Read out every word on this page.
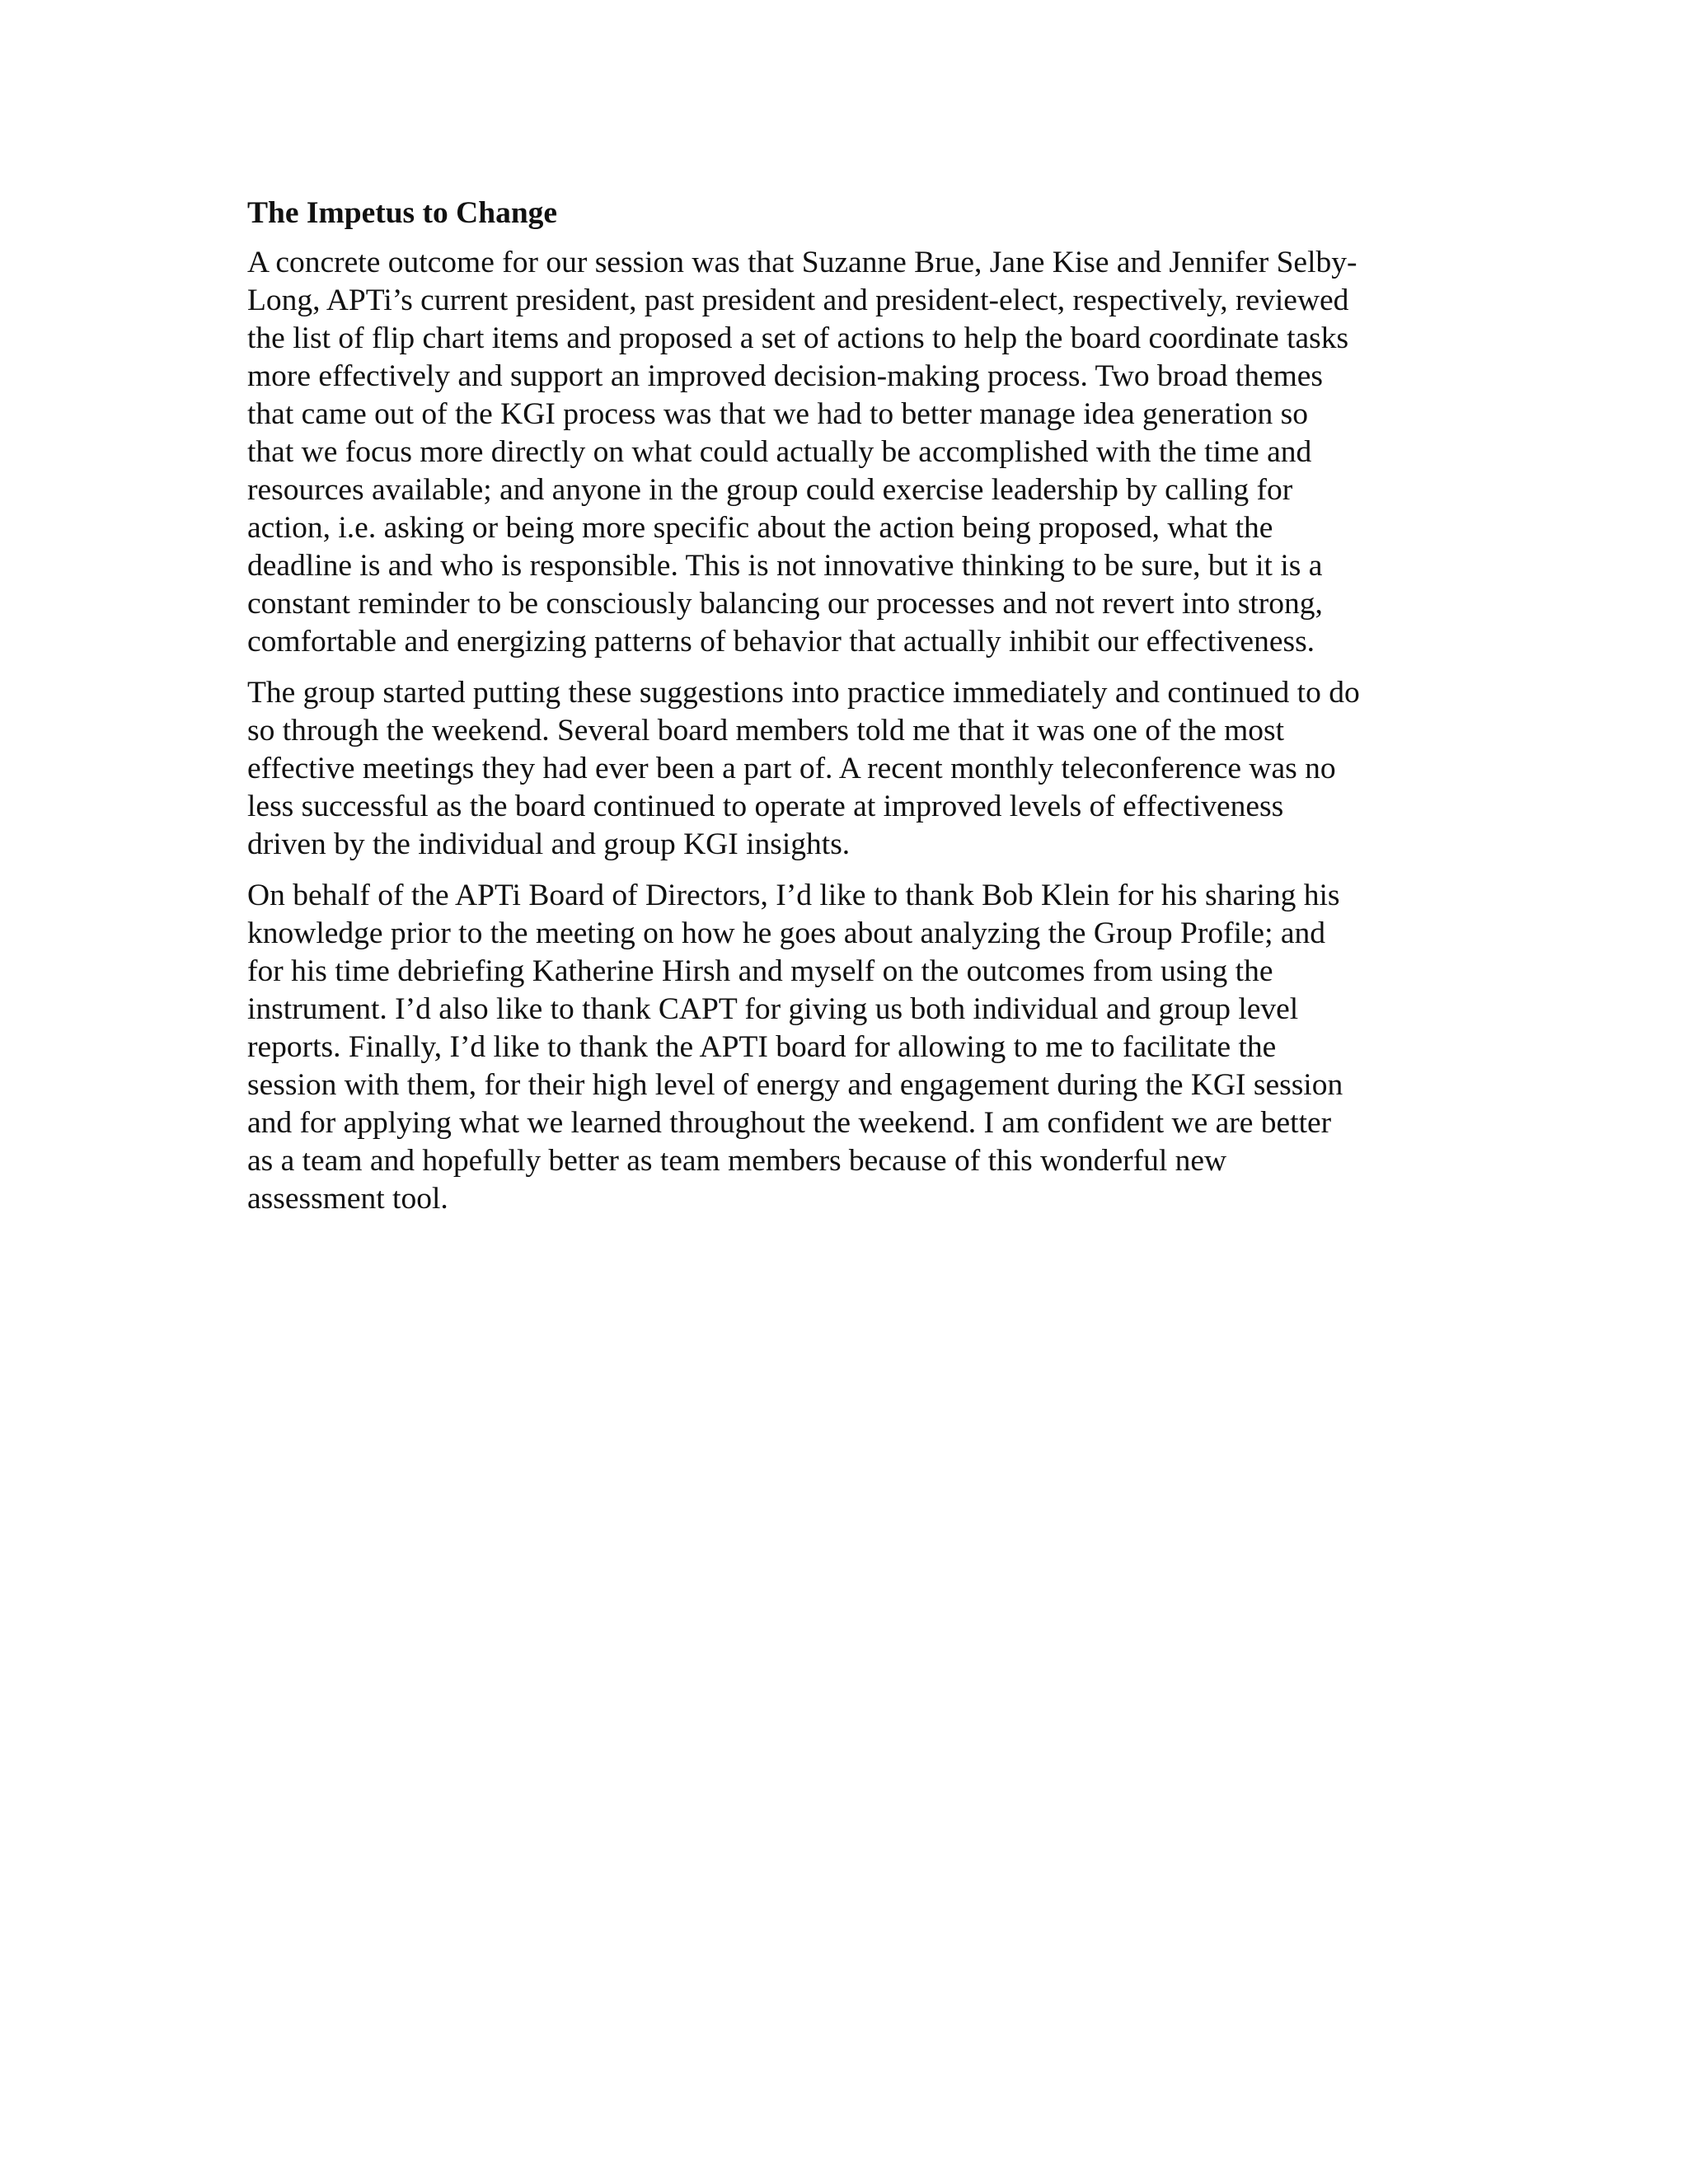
The Impetus to Change
A concrete outcome for our session was that Suzanne Brue, Jane Kise and Jennifer Selby-
Long, APTi’s current president, past president and president-elect, respectively, reviewed
the list of flip chart items and proposed a set of actions to help the board coordinate tasks
more effectively and support an improved decision-making process. Two broad themes
that came out of the KGI process was that we had to better manage idea generation so
that we focus more directly on what could actually be accomplished with the time and
resources available; and anyone in the group could exercise leadership by calling for
action, i.e. asking or being more specific about the action being proposed, what the
deadline is and who is responsible. This is not innovative thinking to be sure, but it is a
constant reminder to be consciously balancing our processes and not revert into strong,
comfortable and energizing patterns of behavior that actually inhibit our effectiveness.
The group started putting these suggestions into practice immediately and continued to do
so through the weekend. Several board members told me that it was one of the most
effective meetings they had ever been a part of. A recent monthly teleconference was no
less successful as the board continued to operate at improved levels of effectiveness
driven by the individual and group KGI insights.
On behalf of the APTi Board of Directors, I’d like to thank Bob Klein for his sharing his
knowledge prior to the meeting on how he goes about analyzing the Group Profile; and
for his time debriefing Katherine Hirsh and myself on the outcomes from using the
instrument. I’d also like to thank CAPT for giving us both individual and group level
reports. Finally, I’d like to thank the APTI board for allowing to me to facilitate the
session with them, for their high level of energy and engagement during the KGI session
and for applying what we learned throughout the weekend. I am confident we are better
as a team and hopefully better as team members because of this wonderful new
assessment tool.
